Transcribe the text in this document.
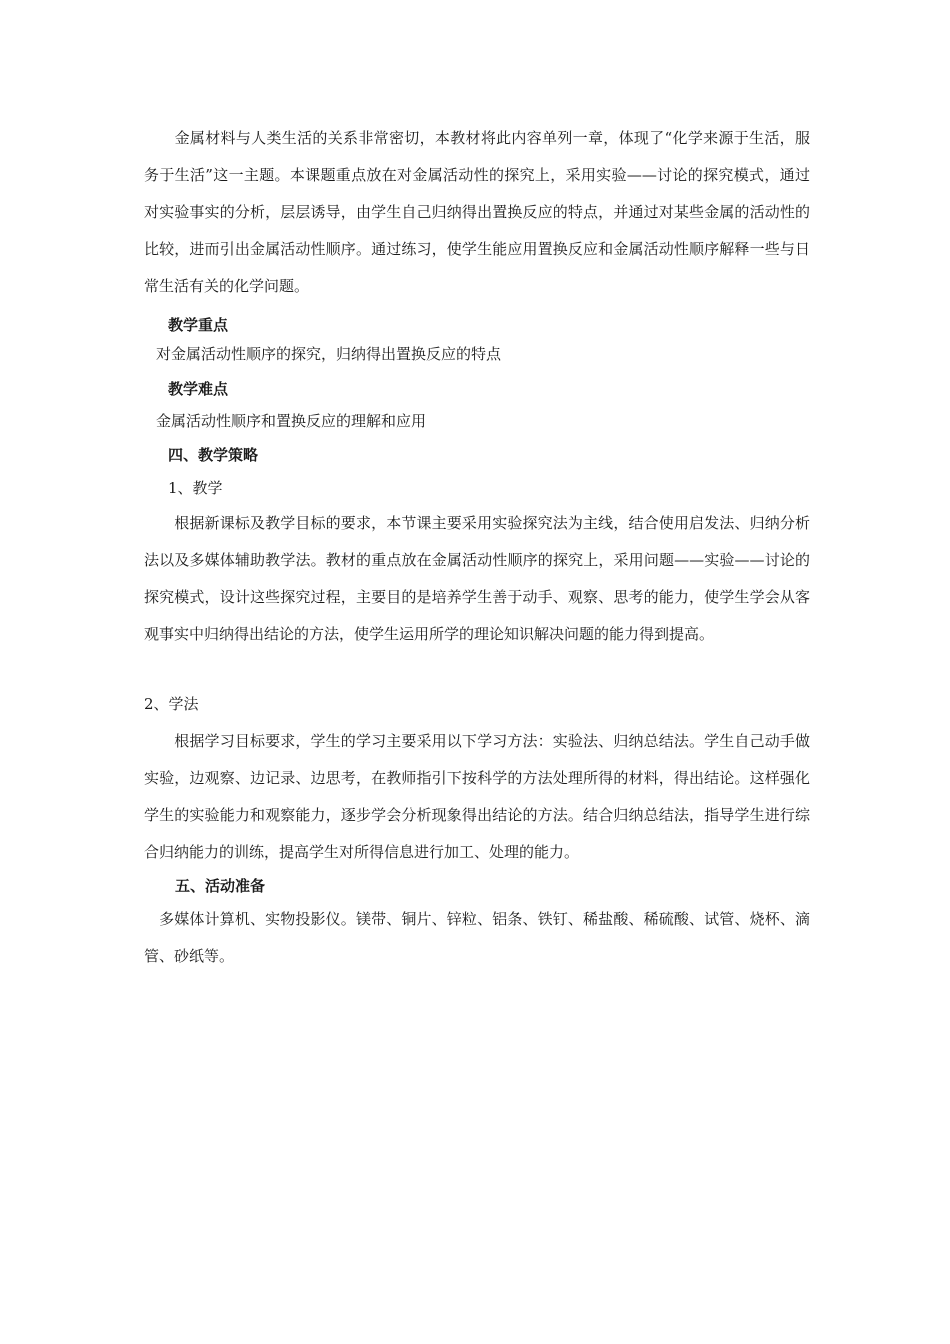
　　金属材料与人类生活的关系非常密切，本教材将此内容单列一章，体现了“化学来源于生活，服务于生活”这一主题。本课题重点放在对金属活动性的探究上，采用实验——讨论的探究模式，通过对实验事实的分析，层层诱导，由学生自己归纳得出置换反应的特点，并通过对某些金属的活动性的比较，进而引出金属活动性顺序。通过练习，使学生能应用置换反应和金属活动性顺序解释一些与日常生活有关的化学问题。

教学重点
对金属活动性顺序的探究，归纳得出置换反应的特点
教学难点
金属活动性顺序和置换反应的理解和应用
四、教学策略
1、教学

　　根据新课标及教学目标的要求，本节课主要采用实验探究法为主线，结合使用启发法、归纳分析法以及多媒体辅助教学法。教材的重点放在金属活动性顺序的探究上，采用问题——实验——讨论的探究模式，设计这些探究过程，主要目的是培养学生善于动手、观察、思考的能力，使学生学会从客观事实中归纳得出结论的方法，使学生运用所学的理论知识解决问题的能力得到提高。

2、学法

　　根据学习目标要求，学生的学习主要采用以下学习方法：实验法、归纳总结法。学生自己动手做实验，边观察、边记录、边思考，在教师指引下按科学的方法处理所得的材料，得出结论。这样强化学生的实验能力和观察能力，逐步学会分析现象得出结论的方法。结合归纳总结法，指导学生进行综合归纳能力的训练，提高学生对所得信息进行加工、处理的能力。

五、活动准备

　多媒体计算机、实物投影仪。镁带、铜片、锌粒、铝条、铁钉、稀盐酸、稀硫酸、试管、烧杯、滴管、砂纸等。
